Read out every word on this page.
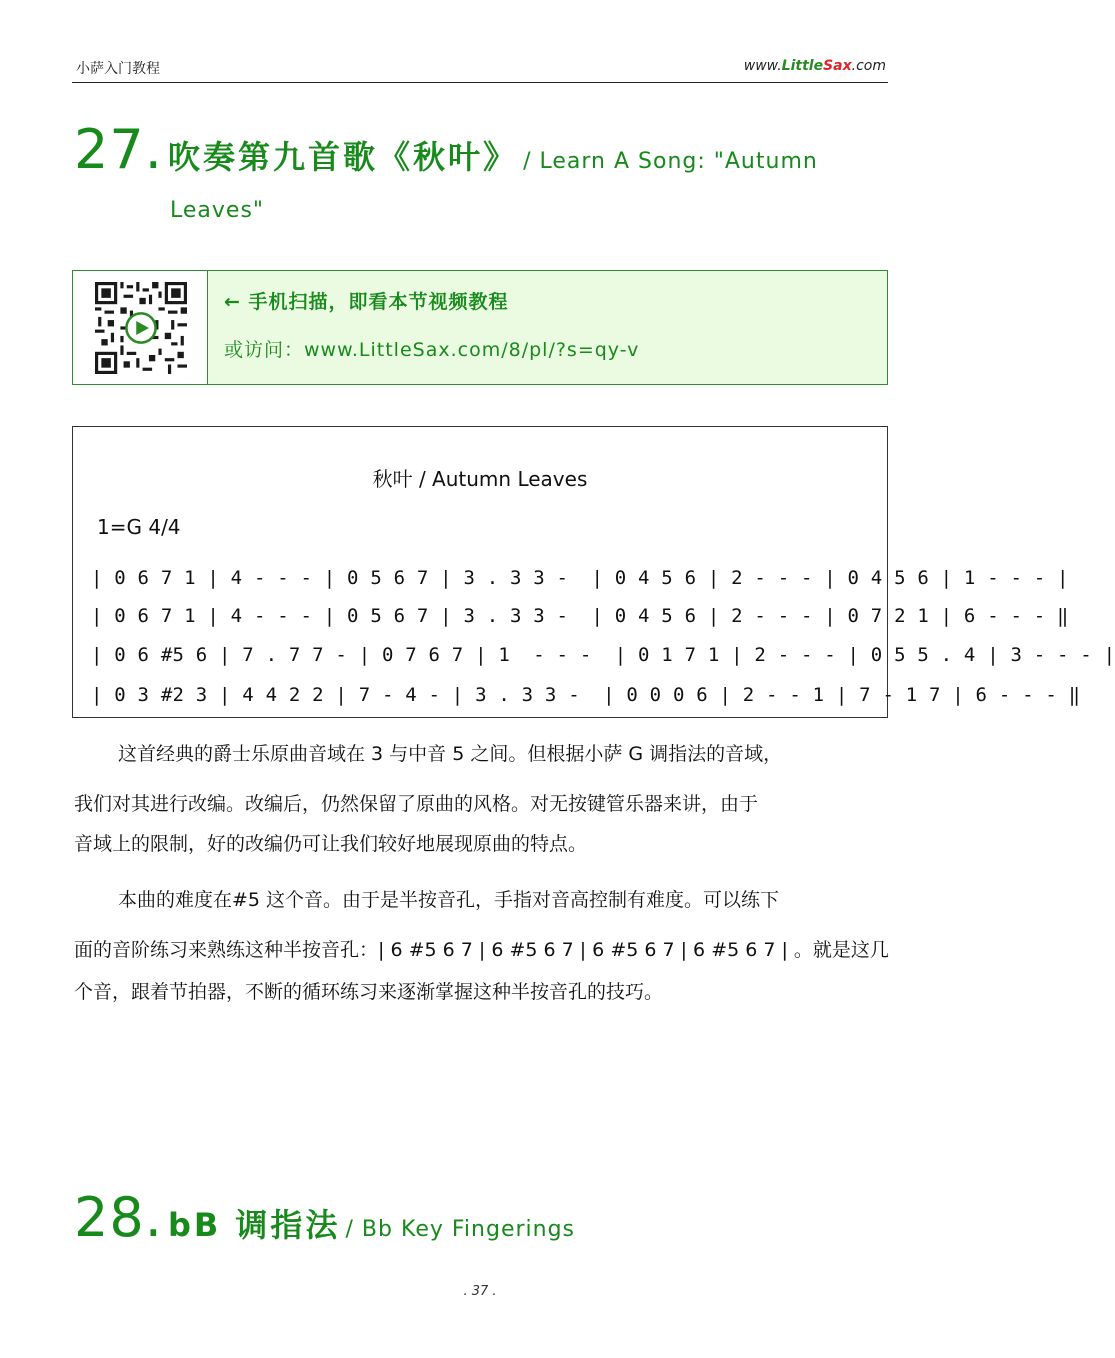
小萨入门教程	www.LittleSax.com
27. 吹奏第九首歌《秋叶》 / Learn A Song: "Autumn
Leaves"
← 手机扫描，即看本节视频教程
或访问：www.LittleSax.com/8/pl/?s=qy-v
秋叶 / Autumn Leaves
1=G 4/4
| 0 6 7 1 | 4 - - - | 0 5 6 7 | 3 . 3 3 -  | 0 4 5 6 | 2 - - - | 0 4 5 6 | 1 - - - |
| 0 6 7 1 | 4 - - - | 0 5 6 7 | 3 . 3 3 -  | 0 4 5 6 | 2 - - - | 0 7 2 1 | 6 - - - ‖
| 0 6 #5 6 | 7 . 7 7 - | 0 7 6 7 | 1  - - -  | 0 1 7 1 | 2 - - - | 0 5 5 . 4 | 3 - - - |
| 0 3 #2 3 | 4 4 2 2 | 7 - 4 - | 3 . 3 3 -  | 0 0 0 6 | 2 - - 1 | 7 - 1 7 | 6 - - - ‖
这首经典的爵士乐原曲音域在 3 与中音 5 之间。但根据小萨 G 调指法的音域，
我们对其进行改编。改编后，仍然保留了原曲的风格。对无按键管乐器来讲，由于
音域上的限制，好的改编仍可让我们较好地展现原曲的特点。
本曲的难度在#5 这个音。由于是半按音孔，手指对音高控制有难度。可以练下
面的音阶练习来熟练这种半按音孔：| 6 #5 6 7 | 6 #5 6 7 | 6 #5 6 7 | 6 #5 6 7 | 。就是这几
个音，跟着节拍器，不断的循环练习来逐渐掌握这种半按音孔的技巧。
28. bB 调指法 / Bb Key Fingerings
. 37 .
